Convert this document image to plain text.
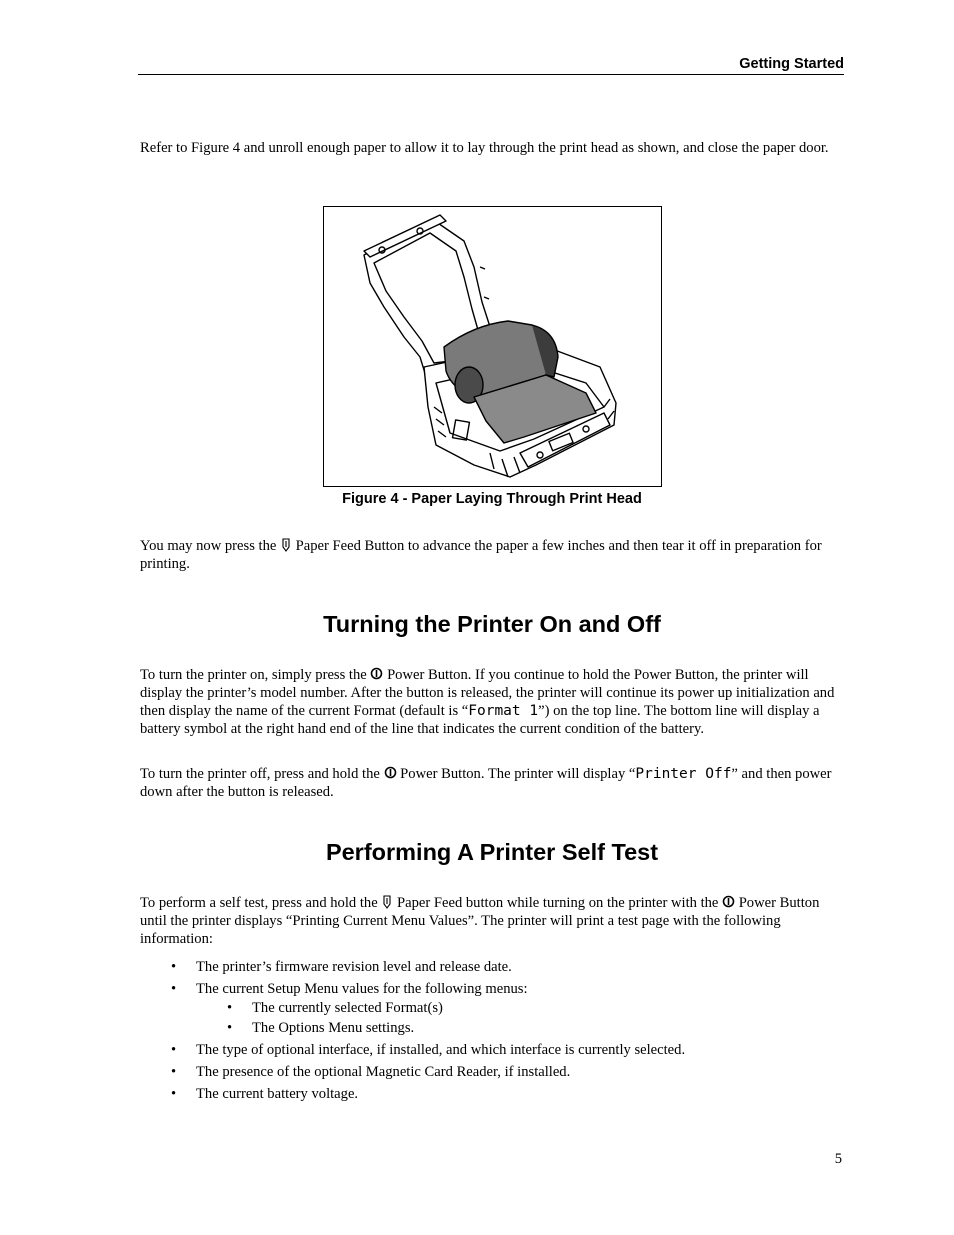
Getting Started

Refer to Figure 4 and unroll enough paper to allow it to lay through the print head as shown, and close the paper door.

Figure 4 - Paper Laying Through Print Head

You may now press the  Paper Feed Button to advance the paper a few inches and then tear it off in preparation for printing.

Turning the Printer On and Off

To turn the printer on, simply press the  Power Button. If you continue to hold the Power Button, the printer will display the printer’s model number. After the button is released, the printer will continue its power up initialization and then display the name of the current Format (default is “Format 1”) on the top line. The bottom line will display a battery symbol at the right hand end of the line that indicates the current condition of the battery.

To turn the printer off, press and hold the  Power Button. The printer will display “Printer Off” and then power down after the button is released.

Performing A Printer Self Test

To perform a self test, press and hold the  Paper Feed button while turning on the printer with the  Power Button until the printer displays “Printing Current Menu Values”. The printer will print a test page with the following information:

• The printer’s firmware revision level and release date.
• The current Setup Menu values for the following menus:
• The currently selected Format(s)
• The Options Menu settings.
• The type of optional interface, if installed, and which interface is currently selected.
• The presence of the optional Magnetic Card Reader, if installed.
• The current battery voltage.
5
